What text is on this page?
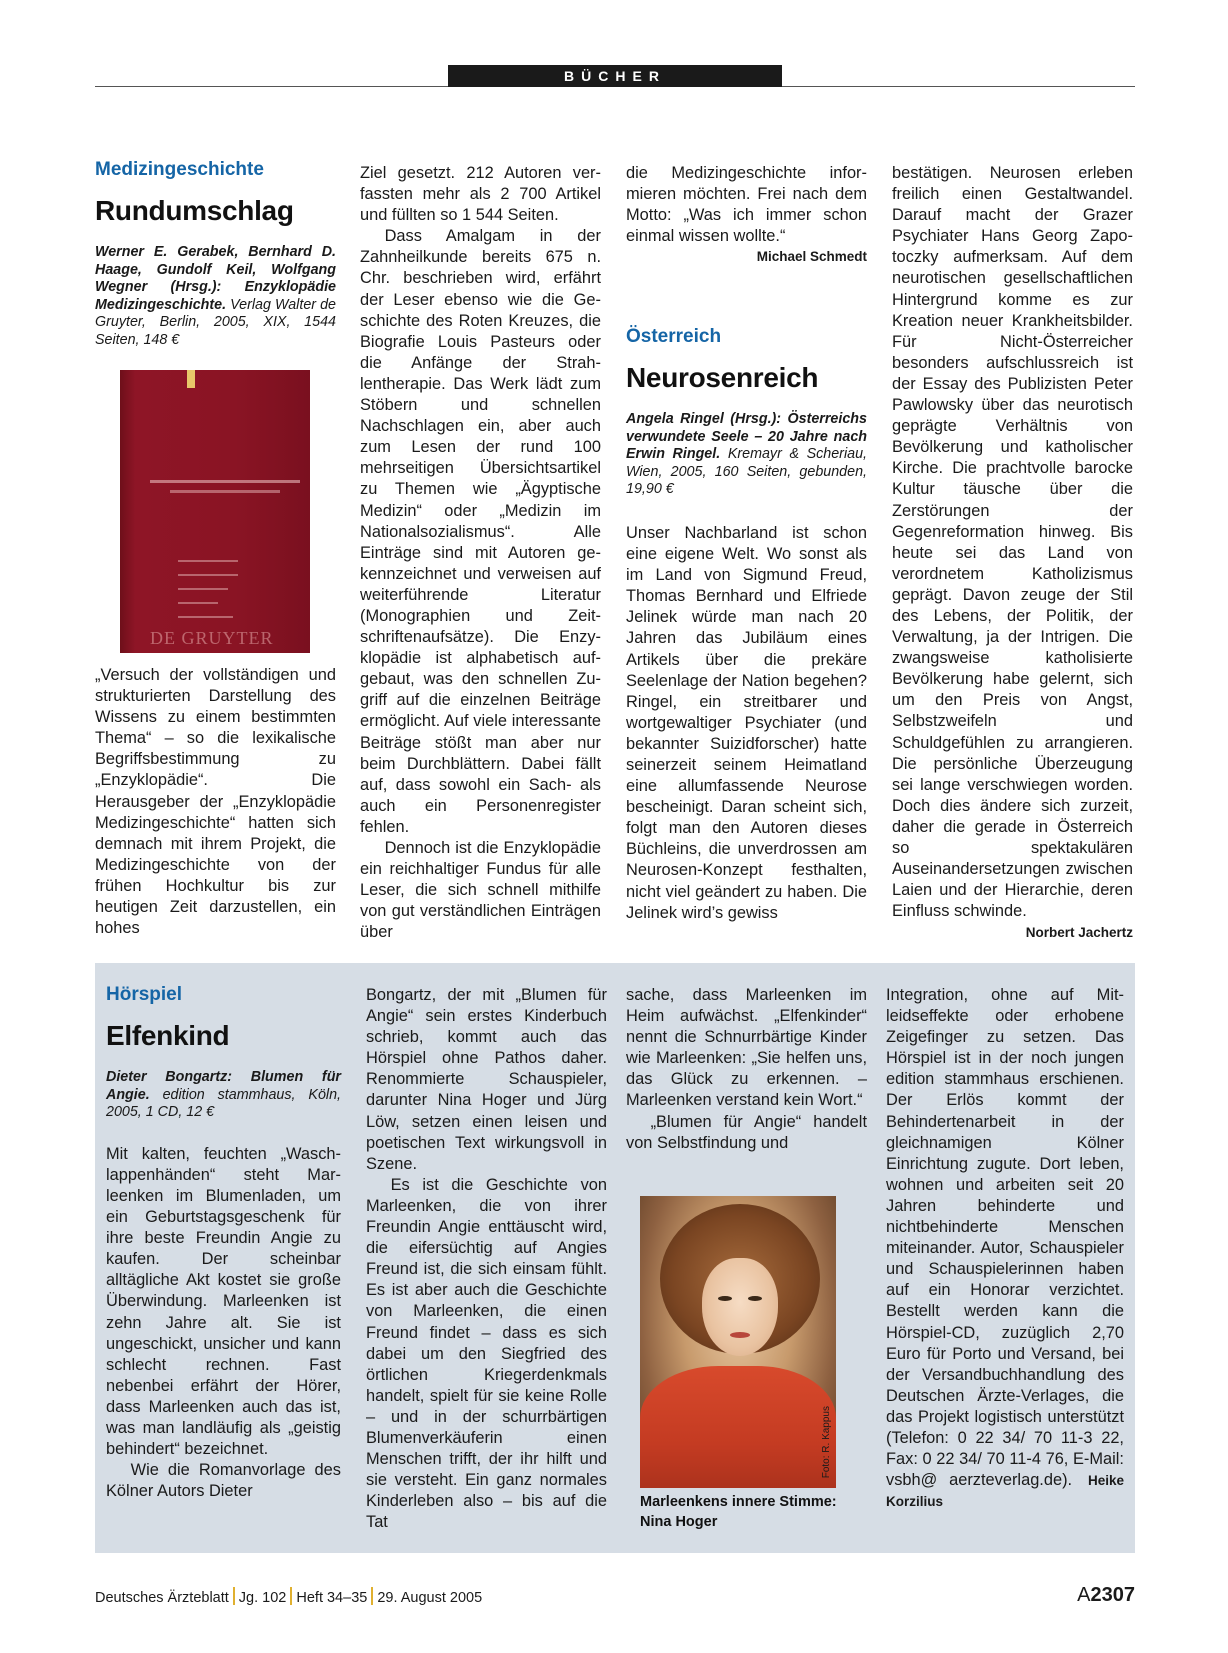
BÜCHER
Medizingeschichte
Rundumschlag
Werner E. Gerabek, Bernhard D. Haage, Gundolf Keil, Wolfgang Wegner (Hrsg.): Enzyklopädie Medizingeschichte. Verlag Walter de Gruyter, Berlin, 2005, XIX, 1544 Seiten, 148 €
DE GRUYTER

„Versuch der vollständigen und strukturierten Darstellung des Wissens zu einem bestimmten Thema“ – so die lexikalische Begriffsbestimmung zu „Enzyklopädie“. Die Herausgeber der „Enzyklopädie Medizingeschichte“ hatten sich demnach mit ihrem Projekt, die Medizingeschichte von der frühen Hochkultur bis zur heutigen Zeit darzustellen, ein hohes

Ziel gesetzt. 212 Autoren verfassten mehr als 2 700 Artikel und füllten so 1 544 Seiten.

Dass Amalgam in der Zahnheilkunde bereits 675 n. Chr. beschrieben wird, erfährt der Leser ebenso wie die Geschichte des Roten Kreuzes, die Biografie Louis Pasteurs oder die Anfänge der Strahlentherapie. Das Werk lädt zum Stöbern und schnellen Nachschlagen ein, aber auch zum Lesen der rund 100 mehrseitigen Übersichtsartikel zu Themen wie „Ägyptische Medizin“ oder „Medizin im Nationalsozialismus“. Alle Einträge sind mit Autoren gekennzeichnet und verweisen auf weiterführende Literatur (Monographien und Zeitschriftenaufsätze). Die Enzyklopädie ist alphabetisch aufgebaut, was den schnellen Zugriff auf die einzelnen Beiträge ermöglicht. Auf viele interessante Beiträge stößt man aber nur beim Durchblättern. Dabei fällt auf, dass sowohl ein Sach- als auch ein Personenregister fehlen.

Dennoch ist die Enzyklopädie ein reichhaltiger Fundus für alle Leser, die sich schnell mithilfe von gut verständlichen Einträgen über

die Medizingeschichte informieren möchten. Frei nach dem Motto: „Was ich immer schon einmal wissen wollte.“

Michael Schmedt
Österreich
Neurosenreich
Angela Ringel (Hrsg.): Österreichs verwundete Seele – 20 Jahre nach Erwin Ringel. Kremayr & Scheriau, Wien, 2005, 160 Seiten, gebunden, 19,90 €

Unser Nachbarland ist schon eine eigene Welt. Wo sonst als im Land von Sigmund Freud, Thomas Bernhard und Elfriede Jelinek würde man nach 20 Jahren das Jubiläum eines Artikels über die prekäre Seelenlage der Nation begehen? Ringel, ein streitbarer und wortgewaltiger Psychiater (und bekannter Suizidforscher) hatte seinerzeit seinem Heimatland eine allumfassende Neurose bescheinigt. Daran scheint sich, folgt man den Autoren dieses Büchleins, die unverdrossen am Neurosen-Konzept festhalten, nicht viel geändert zu haben. Die Jelinek wird’s gewiss

bestätigen. Neurosen erleben freilich einen Gestaltwandel. Darauf macht der Grazer Psychiater Hans Georg Zapotoczky aufmerksam. Auf dem neurotischen gesellschaftlichen Hintergrund komme es zur Kreation neuer Krankheitsbilder. Für Nicht-Österreicher besonders aufschlussreich ist der Essay des Publizisten Peter Pawlowsky über das neurotisch geprägte Verhältnis von Bevölkerung und katholischer Kirche. Die prachtvolle barocke Kultur täusche über die Zerstörungen der Gegenreformation hinweg. Bis heute sei das Land von verordnetem Katholizismus geprägt. Davon zeuge der Stil des Lebens, der Politik, der Verwaltung, ja der Intrigen. Die zwangsweise katholisierte Bevölkerung habe gelernt, sich um den Preis von Angst, Selbstzweifeln und Schuldgefühlen zu arrangieren. Die persönliche Überzeugung sei lange verschwiegen worden. Doch dies ändere sich zurzeit, daher die gerade in Österreich so spektakulären Auseinandersetzungen zwischen Laien und der Hierarchie, deren Einfluss schwinde.
Norbert Jachertz

Hörspiel
Elfenkind
Dieter Bongartz: Blumen für Angie. edition stammhaus, Köln, 2005, 1 CD, 12 €

Mit kalten, feuchten „Waschlappenhänden“ steht Marleenken im Blumenladen, um ein Geburtstagsgeschenk für ihre beste Freundin Angie zu kaufen. Der scheinbar alltägliche Akt kostet sie große Überwindung. Marleenken ist zehn Jahre alt. Sie ist ungeschickt, unsicher und kann schlecht rechnen. Fast nebenbei erfährt der Hörer, dass Marleenken auch das ist, was man landläufig als „geistig behindert“ bezeichnet.

Wie die Romanvorlage des Kölner Autors Dieter

Bongartz, der mit „Blumen für Angie“ sein erstes Kinderbuch schrieb, kommt auch das Hörspiel ohne Pathos daher. Renommierte Schauspieler, darunter Nina Hoger und Jürg Löw, setzen einen leisen und poetischen Text wirkungsvoll in Szene.

Es ist die Geschichte von Marleenken, die von ihrer Freundin Angie enttäuscht wird, die eifersüchtig auf Angies Freund ist, die sich einsam fühlt. Es ist aber auch die Geschichte von Marleenken, die einen Freund findet – dass es sich dabei um den Siegfried des örtlichen Kriegerdenkmals handelt, spielt für sie keine Rolle – und in der schurrbärtigen Blumenverkäuferin einen Menschen trifft, der ihr hilft und sie versteht. Ein ganz normales Kinderleben also – bis auf die Tat

sache, dass Marleenken im Heim aufwächst. „Elfenkinder“ nennt die Schnurrbärtige Kinder wie Marleenken: „Sie helfen uns, das Glück zu erkennen. – Marleenken verstand kein Wort.“

„Blumen für Angie“ handelt von Selbstfindung und

Foto: R. Kappus
Marleenkens innere Stimme: Nina Hoger

Integration, ohne auf Mitleidseffekte oder erhobene Zeigefinger zu setzen. Das Hörspiel ist in der noch jungen edition stammhaus erschienen. Der Erlös kommt der Behindertenarbeit in der gleichnamigen Kölner Einrichtung zugute. Dort leben, wohnen und arbeiten seit 20 Jahren behinderte und nichtbehinderte Menschen miteinander. Autor, Schauspieler und Schauspielerinnen haben auf ein Honorar verzichtet. Bestellt werden kann die Hörspiel-CD, zuzüglich 2,70 Euro für Porto und Versand, bei der Versandbuchhandlung des Deutschen Ärzte-Verlages, die das Projekt logistisch unterstützt (Telefon: 0 22 34/ 70 11-3 22, Fax: 0 22 34/ 70 11-4 76, E-Mail: vsbh@ aerzteverlag.de). Heike Korzilius

Deutsches Ärzteblatt Jg. 102 Heft 34–35 29. August 2005	A2307
